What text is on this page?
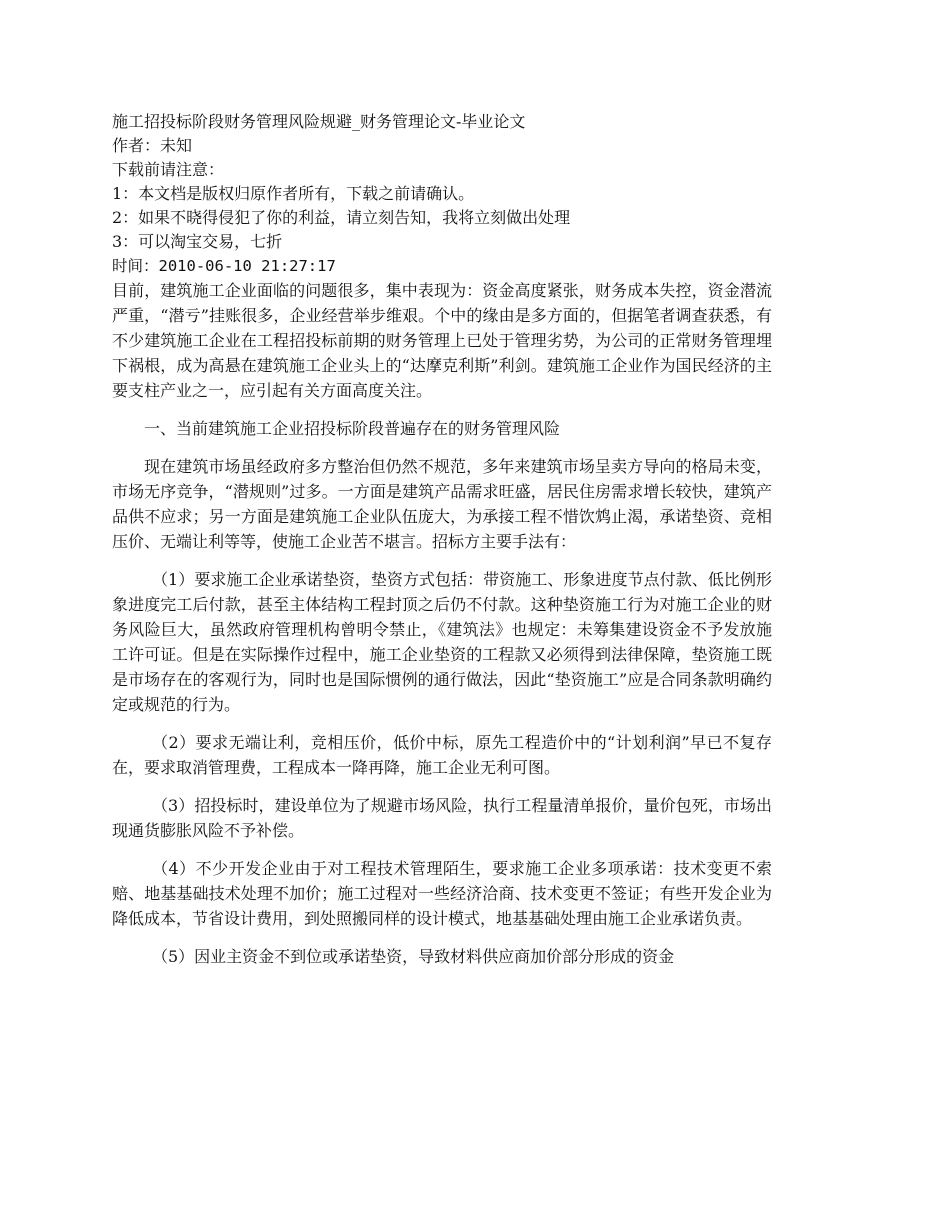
施工招投标阶段财务管理风险规避_财务管理论文-毕业论文

作者：未知

下载前请注意：

1：本文档是版权归原作者所有，下载之前请确认。

2：如果不晓得侵犯了你的利益，请立刻告知，我将立刻做出处理

3：可以淘宝交易，七折

时间：2010-06-10 21:27:17

目前，建筑施工企业面临的问题很多，集中表现为：资金高度紧张，财务成本失控，资金潜流严重，“潜亏”挂账很多，企业经营举步维艰。个中的缘由是多方面的，但据笔者调查获悉，有不少建筑施工企业在工程招投标前期的财务管理上已处于管理劣势，为公司的正常财务管理埋下祸根，成为高悬在建筑施工企业头上的“达摩克利斯”利剑。建筑施工企业作为国民经济的主要支柱产业之一，应引起有关方面高度关注。

一、当前建筑施工企业招投标阶段普遍存在的财务管理风险

现在建筑市场虽经政府多方整治但仍然不规范，多年来建筑市场呈卖方导向的格局未变，市场无序竞争，“潜规则”过多。一方面是建筑产品需求旺盛，居民住房需求增长较快，建筑产品供不应求；另一方面是建筑施工企业队伍庞大，为承接工程不惜饮鸩止渴，承诺垫资、竞相压价、无端让利等等，使施工企业苦不堪言。招标方主要手法有：

（1）要求施工企业承诺垫资，垫资方式包括：带资施工、形象进度节点付款、低比例形象进度完工后付款，甚至主体结构工程封顶之后仍不付款。这种垫资施工行为对施工企业的财务风险巨大，虽然政府管理机构曾明令禁止，《建筑法》也规定：未筹集建设资金不予发放施工许可证。但是在实际操作过程中，施工企业垫资的工程款又必须得到法律保障，垫资施工既是市场存在的客观行为，同时也是国际惯例的通行做法，因此“垫资施工”应是合同条款明确约定或规范的行为。

（2）要求无端让利，竞相压价，低价中标，原先工程造价中的“计划利润”早已不复存在，要求取消管理费，工程成本一降再降，施工企业无利可图。

（3）招投标时，建设单位为了规避市场风险，执行工程量清单报价，量价包死，市场出现通货膨胀风险不予补偿。

（4）不少开发企业由于对工程技术管理陌生，要求施工企业多项承诺：技术变更不索赔、地基基础技术处理不加价；施工过程对一些经济洽商、技术变更不签证；有些开发企业为降低成本，节省设计费用，到处照搬同样的设计模式，地基基础处理由施工企业承诺负责。

（5）因业主资金不到位或承诺垫资，导致材料供应商加价部分形成的资金
